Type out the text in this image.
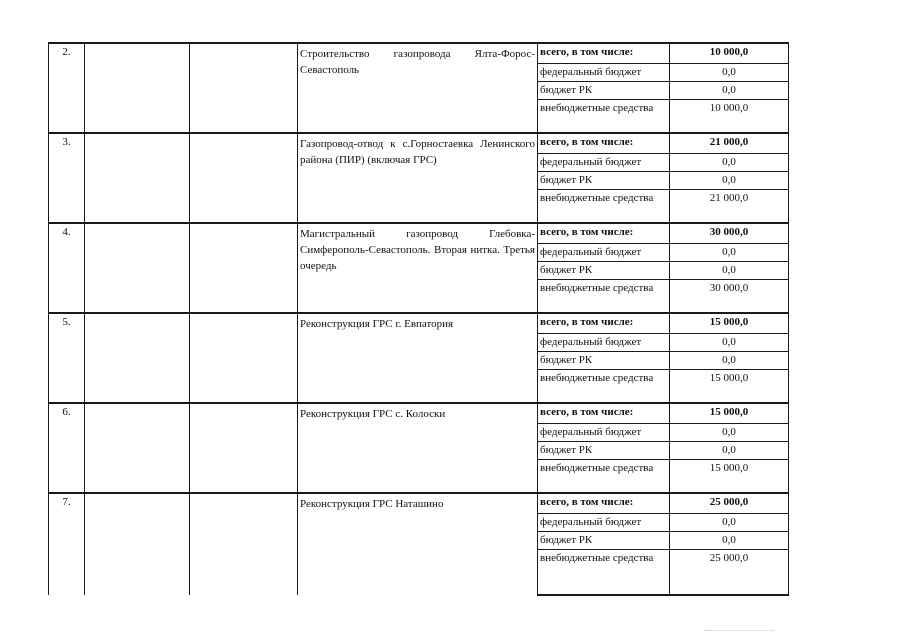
2.			Строительство газопровода Ялта-Форос-Севастополь	всего, в том числе:	10 000,0
				федеральный бюджет	0,0
				бюджет РК	0,0
				внебюджетные средства	10 000,0
3.			Газопровод-отвод к с.Горностаевка Ленинского района (ПИР) (включая ГРС)	всего, в том числе:	21 000,0
				федеральный бюджет	0,0
				бюджет РК	0,0
				внебюджетные средства	21 000,0
4.			Магистральный газопровод Глебовка-Симферополь-Севастополь. Вторая нитка. Третья очередь	всего, в том числе:	30 000,0
				федеральный бюджет	0,0
				бюджет РК	0,0
				внебюджетные средства	30 000,0
5.			Реконструкция ГРС г. Евпатория	всего, в том числе:	15 000,0
				федеральный бюджет	0,0
				бюджет РК	0,0
				внебюджетные средства	15 000,0
6.			Реконструкция ГРС с. Колоски	всего, в том числе:	15 000,0
				федеральный бюджет	0,0
				бюджет РК	0,0
				внебюджетные средства	15 000,0
7.			Реконструкция ГРС Наташино	всего, в том числе:	25 000,0
				федеральный бюджет	0,0
				бюджет РК	0,0
				внебюджетные средства	25 000,0
